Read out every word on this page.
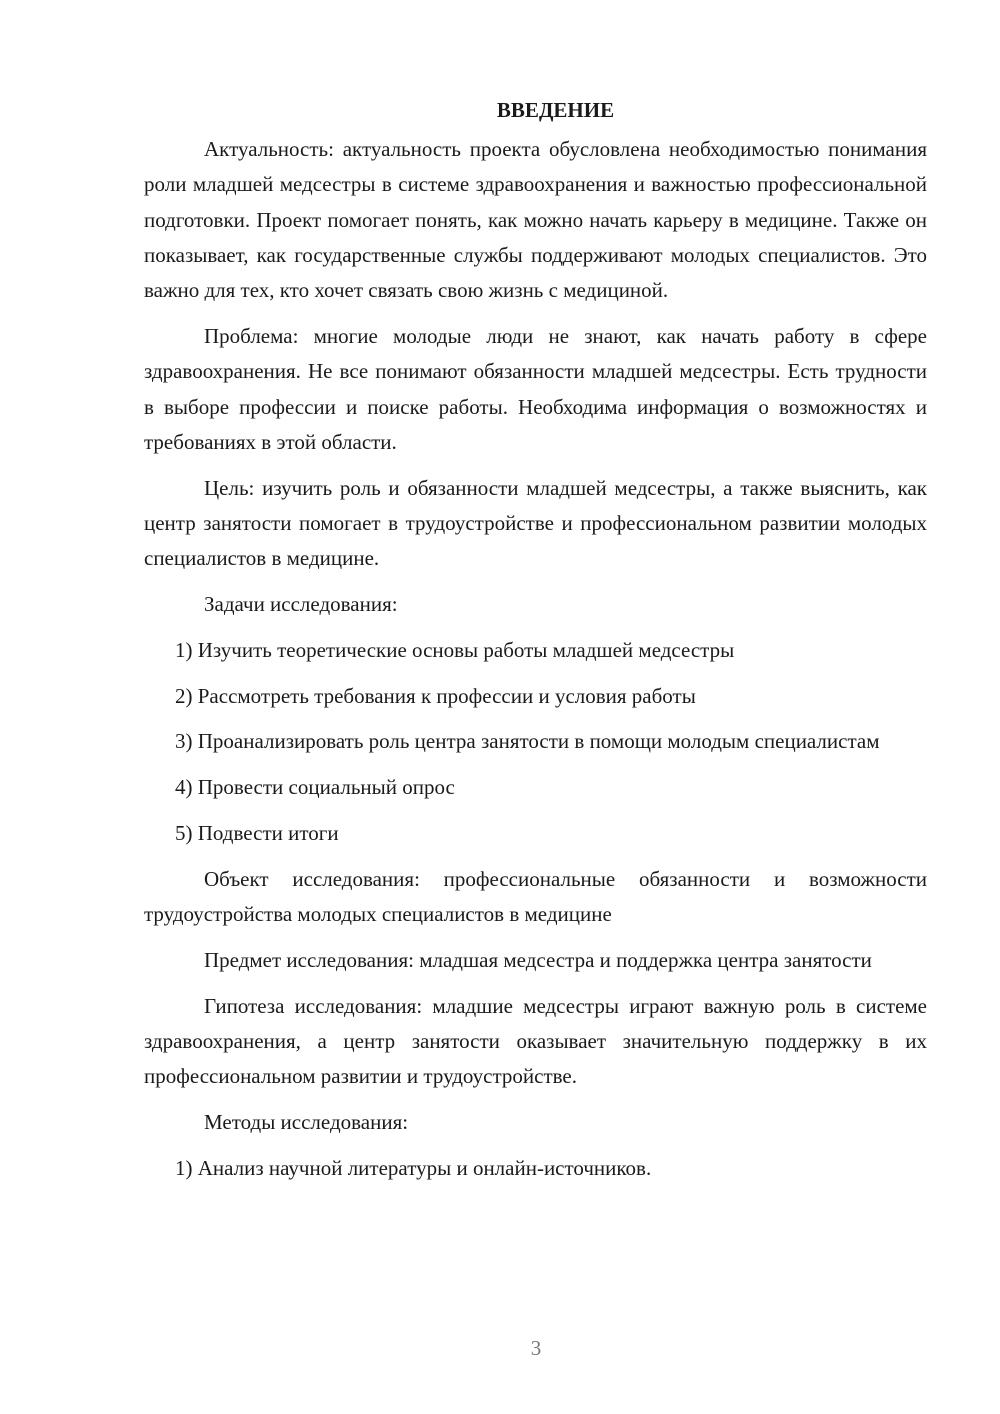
ВВЕДЕНИЕ

Актуальность: актуальность проекта обусловлена необходимостью понимания роли младшей медсестры в системе здравоохранения и важностью профессиональной подготовки. Проект помогает понять, как можно начать карьеру в медицине. Также он показывает, как государственные службы поддерживают молодых специалистов. Это важно для тех, кто хочет связать свою жизнь с медициной.

Проблема: многие молодые люди не знают, как начать работу в сфере здравоохранения. Не все понимают обязанности младшей медсестры. Есть трудности в выборе профессии и поиске работы. Необходима информация о возможностях и требованиях в этой области.

Цель: изучить роль и обязанности младшей медсестры, а также выяснить, как центр занятости помогает в трудоустройстве и профессиональном развитии молодых специалистов в медицине.

Задачи исследования:

1) Изучить теоретические основы работы младшей медсестры

2) Рассмотреть требования к профессии и условия работы

3) Проанализировать роль центра занятости в помощи молодым специалистам

4) Провести социальный опрос

5) Подвести итоги

Объект исследования: профессиональные обязанности и возможности трудоустройства молодых специалистов в медицине

Предмет исследования: младшая медсестра и поддержка центра занятости

Гипотеза исследования: младшие медсестры играют важную роль в системе здравоохранения, а центр занятости оказывает значительную поддержку в их профессиональном развитии и трудоустройстве.

Методы исследования:

1) Анализ научной литературы и онлайн-источников.

3
